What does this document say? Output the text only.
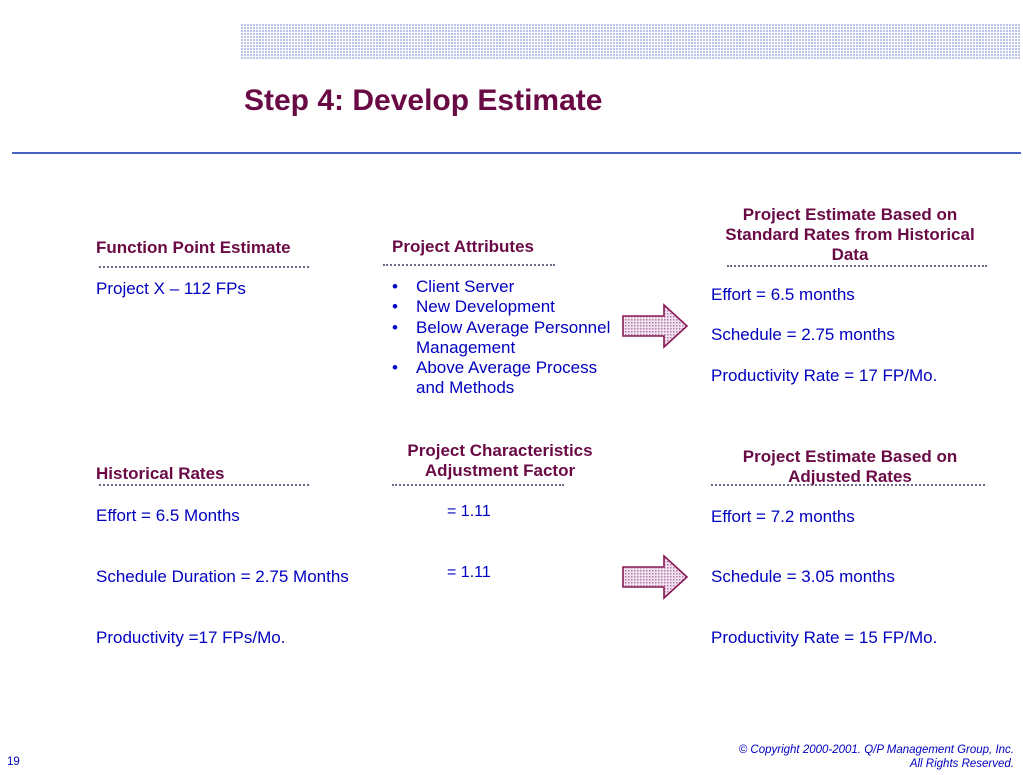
Step 4: Develop Estimate
Function Point Estimate
Project X – 112 FPs
Project Attributes
• Client Server
• New Development
• Below Average Personnel Management
• Above Average Process and Methods
Project Estimate Based on Standard Rates from Historical Data
Effort = 6.5 months
Schedule = 2.75 months
Productivity Rate = 17 FP/Mo.
Historical Rates
Effort = 6.5 Months
Schedule Duration = 2.75 Months
Productivity =17 FPs/Mo.
Project Characteristics Adjustment Factor
= 1.11
= 1.11
Project Estimate Based on Adjusted Rates
Effort = 7.2 months
Schedule = 3.05 months
Productivity Rate = 15 FP/Mo.
19
© Copyright 2000-2001. Q/P Management Group, Inc.
All Rights Reserved.
